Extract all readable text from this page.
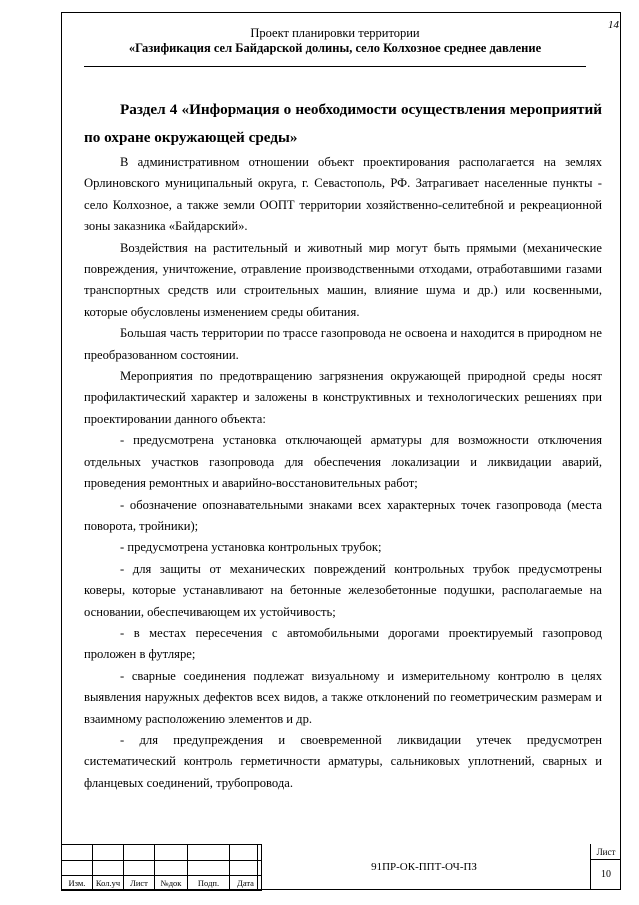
14
Проект планировки территории
«Газификация сел Байдарской долины, село Колхозное среднее давление

Раздел 4 «Информация о необходимости осуществления мероприятий по охране окружающей среды»

В административном отношении объект проектирования располагается на землях Орлиновского муниципальный округа, г. Севастополь, РФ. Затрагивает населенные пункты - село Колхозное, а также земли ООПТ территории хозяйственно-селитебной и рекреационной зоны заказника «Байдарский».

Воздействия на растительный и животный мир могут быть прямыми (механические повреждения, уничтожение, отравление производственными отходами, отработавшими газами транспортных средств или строительных машин, влияние шума и др.) или косвенными, которые обусловлены изменением среды обитания.

Большая часть территории по трассе газопровода не освоена и находится в природном не преобразованном состоянии.

Мероприятия по предотвращению загрязнения окружающей природной среды носят профилактический характер и заложены в конструктивных и технологических решениях при проектировании данного объекта:

- предусмотрена установка отключающей арматуры для возможности отключения отдельных участков газопровода для обеспечения локализации и ликвидации аварий, проведения ремонтных и аварийно-восстановительных работ;

- обозначение опознавательными знаками всех характерных точек газопровода (места поворота, тройники);

- предусмотрена установка контрольных трубок;

- для защиты от механических повреждений контрольных трубок предусмотрены коверы, которые устанавливают на бетонные железобетонные подушки, располагаемые на основании, обеспечивающем их устойчивость;

- в местах пересечения с автомобильными дорогами проектируемый газопровод проложен в футляре;

- сварные соединения подлежат визуальному и измерительному контролю в целях выявления наружных дефектов всех видов, а также отклонений по геометрическим размерам и взаимному расположению элементов и др.

- для предупреждения и своевременной ликвидации утечек предусмотрен систематический контроль герметичности арматуры, сальниковых уплотнений, сварных и фланцевых соединений, трубопровода.

Изм.	Кол.уч	Лист	№док	Подп.	Дата
91ПР-ОК-ППТ-ОЧ-ПЗ
Лист
10
